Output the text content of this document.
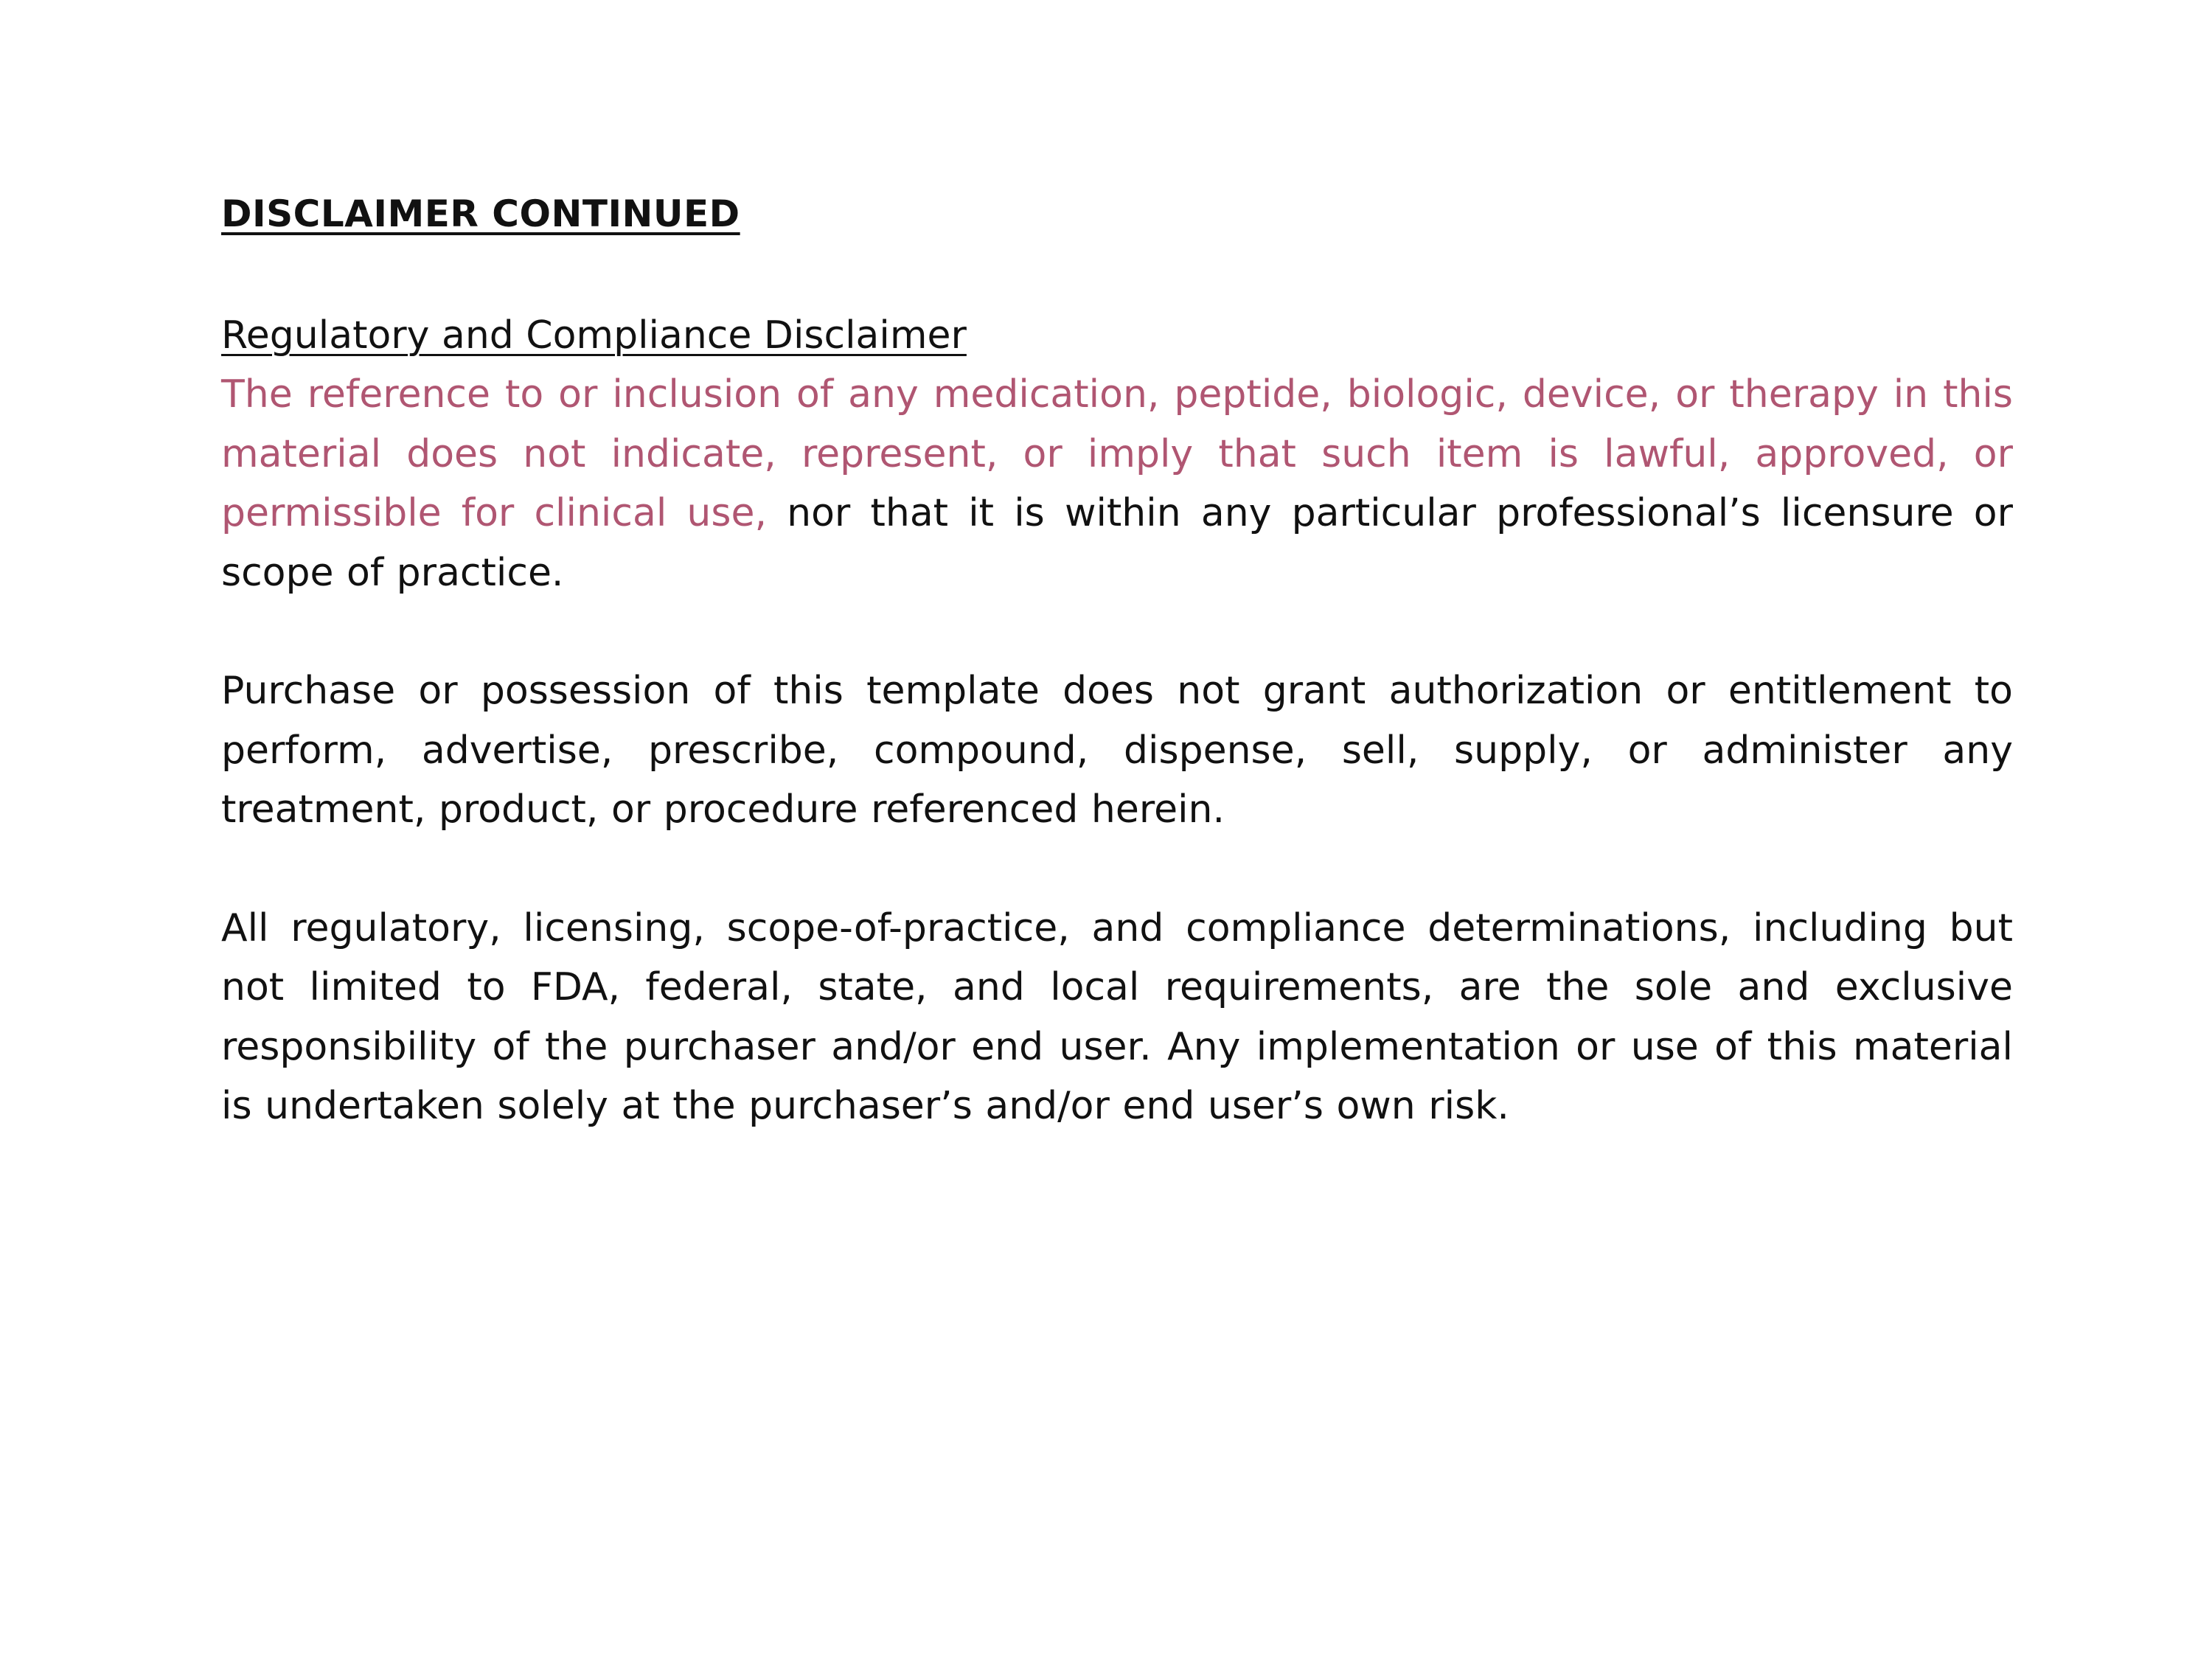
DISCLAIMER CONTINUED
Regulatory and Compliance Disclaimer

The reference to or inclusion of any medication, peptide, biologic, device, or therapy in this material does not indicate, represent, or imply that such item is lawful, approved, or permissible for clinical use, nor that it is within any particular professional’s licensure or scope of practice.

Purchase or possession of this template does not grant authorization or entitlement to perform, advertise, prescribe, compound, dispense, sell, supply, or administer any treatment, product, or procedure referenced herein.

All regulatory, licensing, scope-of-practice, and compliance determinations, including but not limited to FDA, federal, state, and local requirements, are the sole and exclusive responsibility of the purchaser and/or end user. Any implementation or use of this material is undertaken solely at the purchaser’s and/or end user’s own risk.
